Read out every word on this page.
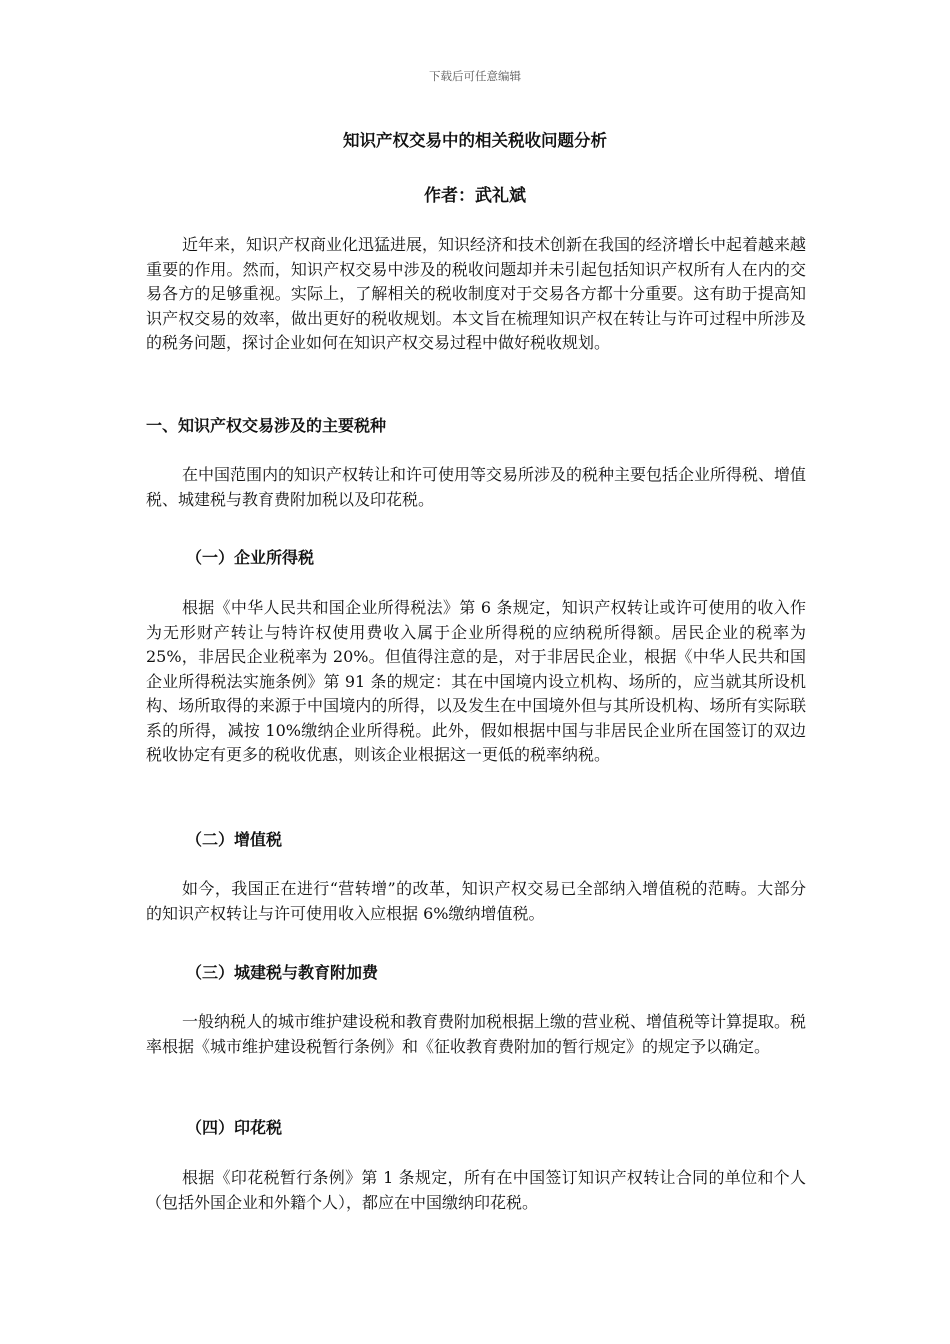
下载后可任意编辑
知识产权交易中的相关税收问题分析
作者：武礼斌

近年来，知识产权商业化迅猛进展，知识经济和技术创新在我国的经济增长中起着越来越重要的作用。然而，知识产权交易中涉及的税收问题却并未引起包括知识产权所有人在内的交易各方的足够重视。实际上，了解相关的税收制度对于交易各方都十分重要。这有助于提高知识产权交易的效率，做出更好的税收规划。本文旨在梳理知识产权在转让与许可过程中所涉及的税务问题，探讨企业如何在知识产权交易过程中做好税收规划。

一、知识产权交易涉及的主要税种

在中国范围内的知识产权转让和许可使用等交易所涉及的税种主要包括企业所得税、增值税、城建税与教育费附加税以及印花税。

（一）企业所得税

根据《中华人民共和国企业所得税法》第 6 条规定，知识产权转让或许可使用的收入作为无形财产转让与特许权使用费收入属于企业所得税的应纳税所得额。居民企业的税率为 25%，非居民企业税率为 20%。但值得注意的是，对于非居民企业，根据《中华人民共和国企业所得税法实施条例》第 91 条的规定：其在中国境内设立机构、场所的，应当就其所设机构、场所取得的来源于中国境内的所得，以及发生在中国境外但与其所设机构、场所有实际联系的所得，减按 10%缴纳企业所得税。此外，假如根据中国与非居民企业所在国签订的双边税收协定有更多的税收优惠，则该企业根据这一更低的税率纳税。

（二）增值税

如今，我国正在进行“营转增”的改革，知识产权交易已全部纳入增值税的范畴。大部分的知识产权转让与许可使用收入应根据 6%缴纳增值税。

（三）城建税与教育附加费

一般纳税人的城市维护建设税和教育费附加税根据上缴的营业税、增值税等计算提取。税率根据《城市维护建设税暂行条例》和《征收教育费附加的暂行规定》的规定予以确定。

（四）印花税

根据《印花税暂行条例》第 1 条规定，所有在中国签订知识产权转让合同的单位和个人（包括外国企业和外籍个人），都应在中国缴纳印花税。
